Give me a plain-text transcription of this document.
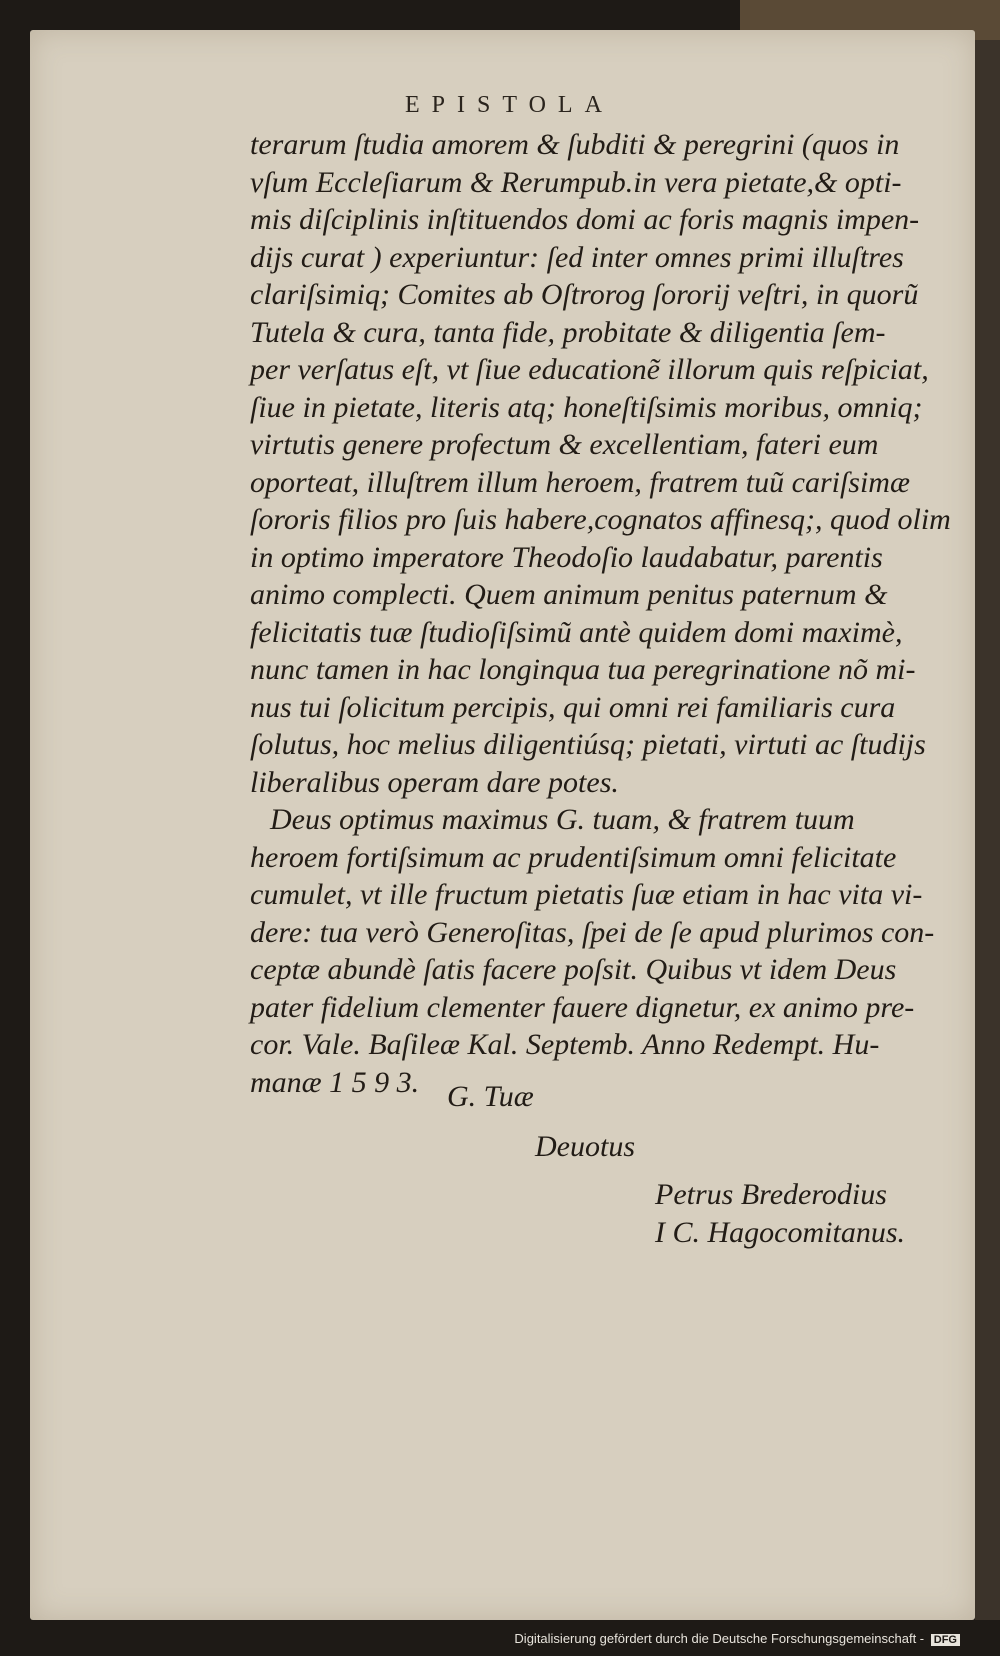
EPISTOLA
terarum ſtudia amorem & ſubditi & peregrini (quos in
vſum Eccleſiarum & Rerumpub.in vera pietate,& opti-
mis diſciplinis inſtituendos domi ac foris magnis impen-
dijs curat ) experiuntur: ſed inter omnes primi illuſtres
clariſsimiq; Comites ab Oſtrorog ſororij veſtri, in quorũ
Tutela & cura, tanta fide, probitate & diligentia ſem-
per verſatus eſt, vt ſiue educationẽ illorum quis reſpiciat,
ſiue in pietate, literis atq; honeſtiſsimis moribus, omniq;
virtutis genere profectum & excellentiam, fateri eum
oporteat, illuſtrem illum heroem, fratrem tuũ cariſsimæ
ſororis filios pro ſuis habere,cognatos affinesq;, quod olim
in optimo imperatore Theodoſio laudabatur, parentis
animo complecti. Quem animum penitus paternum &
felicitatis tuæ ſtudioſiſsimũ antè quidem domi maximè,
nunc tamen in hac longinqua tua peregrinatione nõ mi-
nus tui ſolicitum percipis, qui omni rei familiaris cura
ſolutus, hoc melius diligentiúsq; pietati, virtuti ac ſtudijs
liberalibus operam dare potes.
Deus optimus maximus G. tuam, & fratrem tuum
heroem fortiſsimum ac prudentiſsimum omni felicitate
cumulet, vt ille fructum pietatis ſuæ etiam in hac vita vi-
dere: tua verò Generoſitas, ſpei de ſe apud plurimos con-
ceptæ abundè ſatis facere poſsit. Quibus vt idem Deus
pater fidelium clementer fauere dignetur, ex animo pre-
cor. Vale. Baſileæ Kal. Septemb. Anno Redempt. Hu-
manæ 1 5 9 3. G. Tuæ
Deuotus
Petrus Brederodius
I C. Hagocomitanus.
Digitalisierung gefördert durch die Deutsche Forschungsgemeinschaft - DFG
